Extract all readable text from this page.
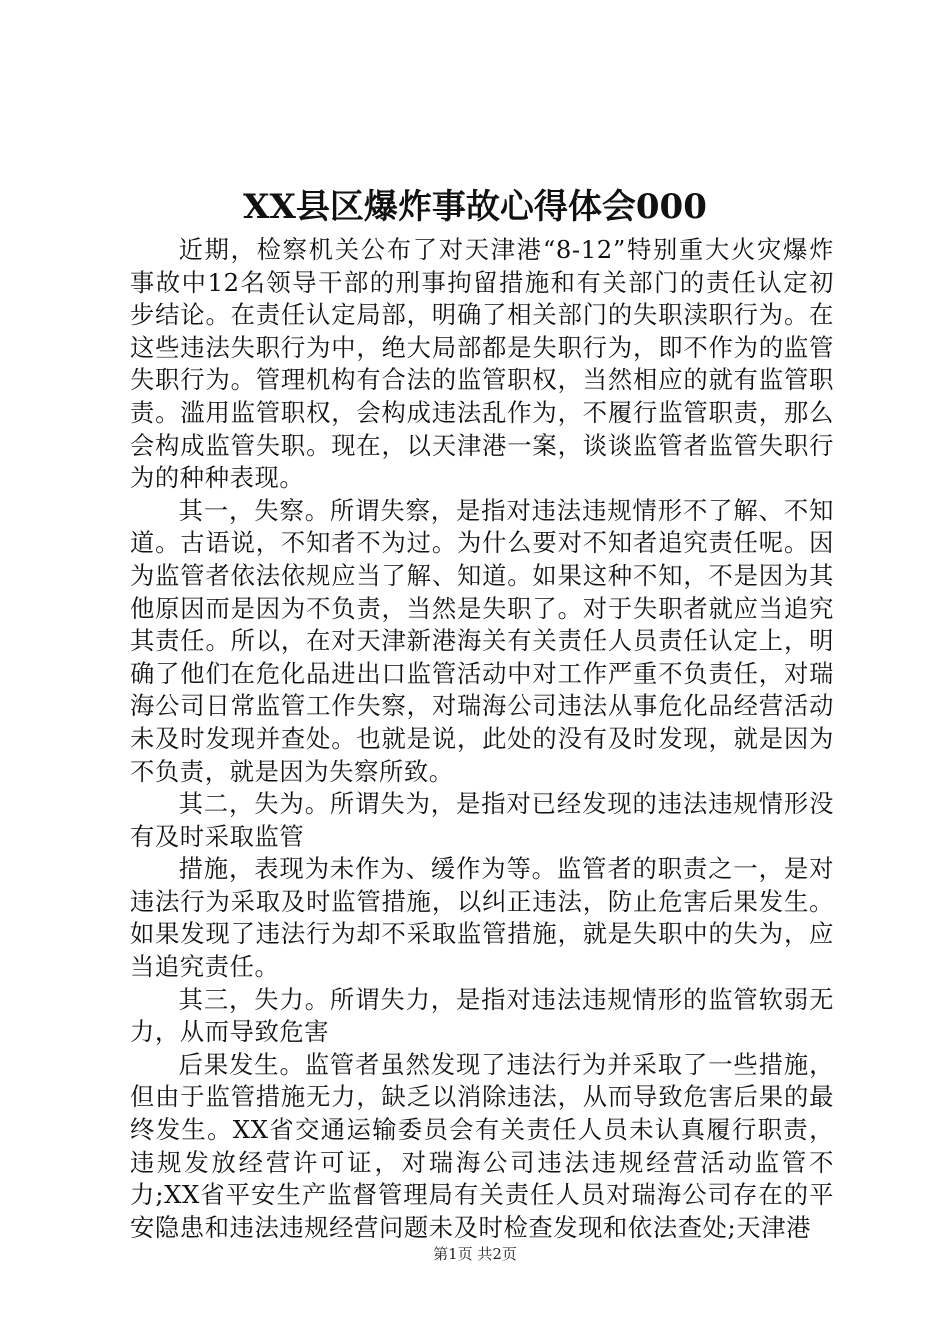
XX县区爆炸事故心得体会000

近期，检察机关公布了对天津港“8-12”特别重大火灾爆炸事故中12名领导干部的刑事拘留措施和有关部门的责任认定初步结论。在责任认定局部，明确了相关部门的失职渎职行为。在这些违法失职行为中，绝大局部都是失职行为，即不作为的监管失职行为。管理机构有合法的监管职权，当然相应的就有监管职责。滥用监管职权，会构成违法乱作为，不履行监管职责，那么会构成监管失职。现在，以天津港一案，谈谈监管者监管失职行为的种种表现。

其一，失察。所谓失察，是指对违法违规情形不了解、不知道。古语说，不知者不为过。为什么要对不知者追究责任呢。因为监管者依法依规应当了解、知道。如果这种不知，不是因为其他原因而是因为不负责，当然是失职了。对于失职者就应当追究其责任。所以，在对天津新港海关有关责任人员责任认定上，明确了他们在危化品进出口监管活动中对工作严重不负责任，对瑞海公司日常监管工作失察，对瑞海公司违法从事危化品经营活动未及时发现并查处。也就是说，此处的没有及时发现，就是因为不负责，就是因为失察所致。

其二，失为。所谓失为，是指对已经发现的违法违规情形没有及时采取监管

措施，表现为未作为、缓作为等。监管者的职责之一，是对违法行为采取及时监管措施，以纠正违法，防止危害后果发生。如果发现了违法行为却不采取监管措施，就是失职中的失为，应当追究责任。

其三，失力。所谓失力，是指对违法违规情形的监管软弱无力，从而导致危害

后果发生。监管者虽然发现了违法行为并采取了一些措施，但由于监管措施无力，缺乏以消除违法，从而导致危害后果的最终发生。XX省交通运输委员会有关责任人员未认真履行职责，违规发放经营许可证，对瑞海公司违法违规经营活动监管不力;XX省平安生产监督管理局有关责任人员对瑞海公司存在的平安隐患和违法违规经营问题未及时检查发现和依法查处;天津港

第1页 共2页
